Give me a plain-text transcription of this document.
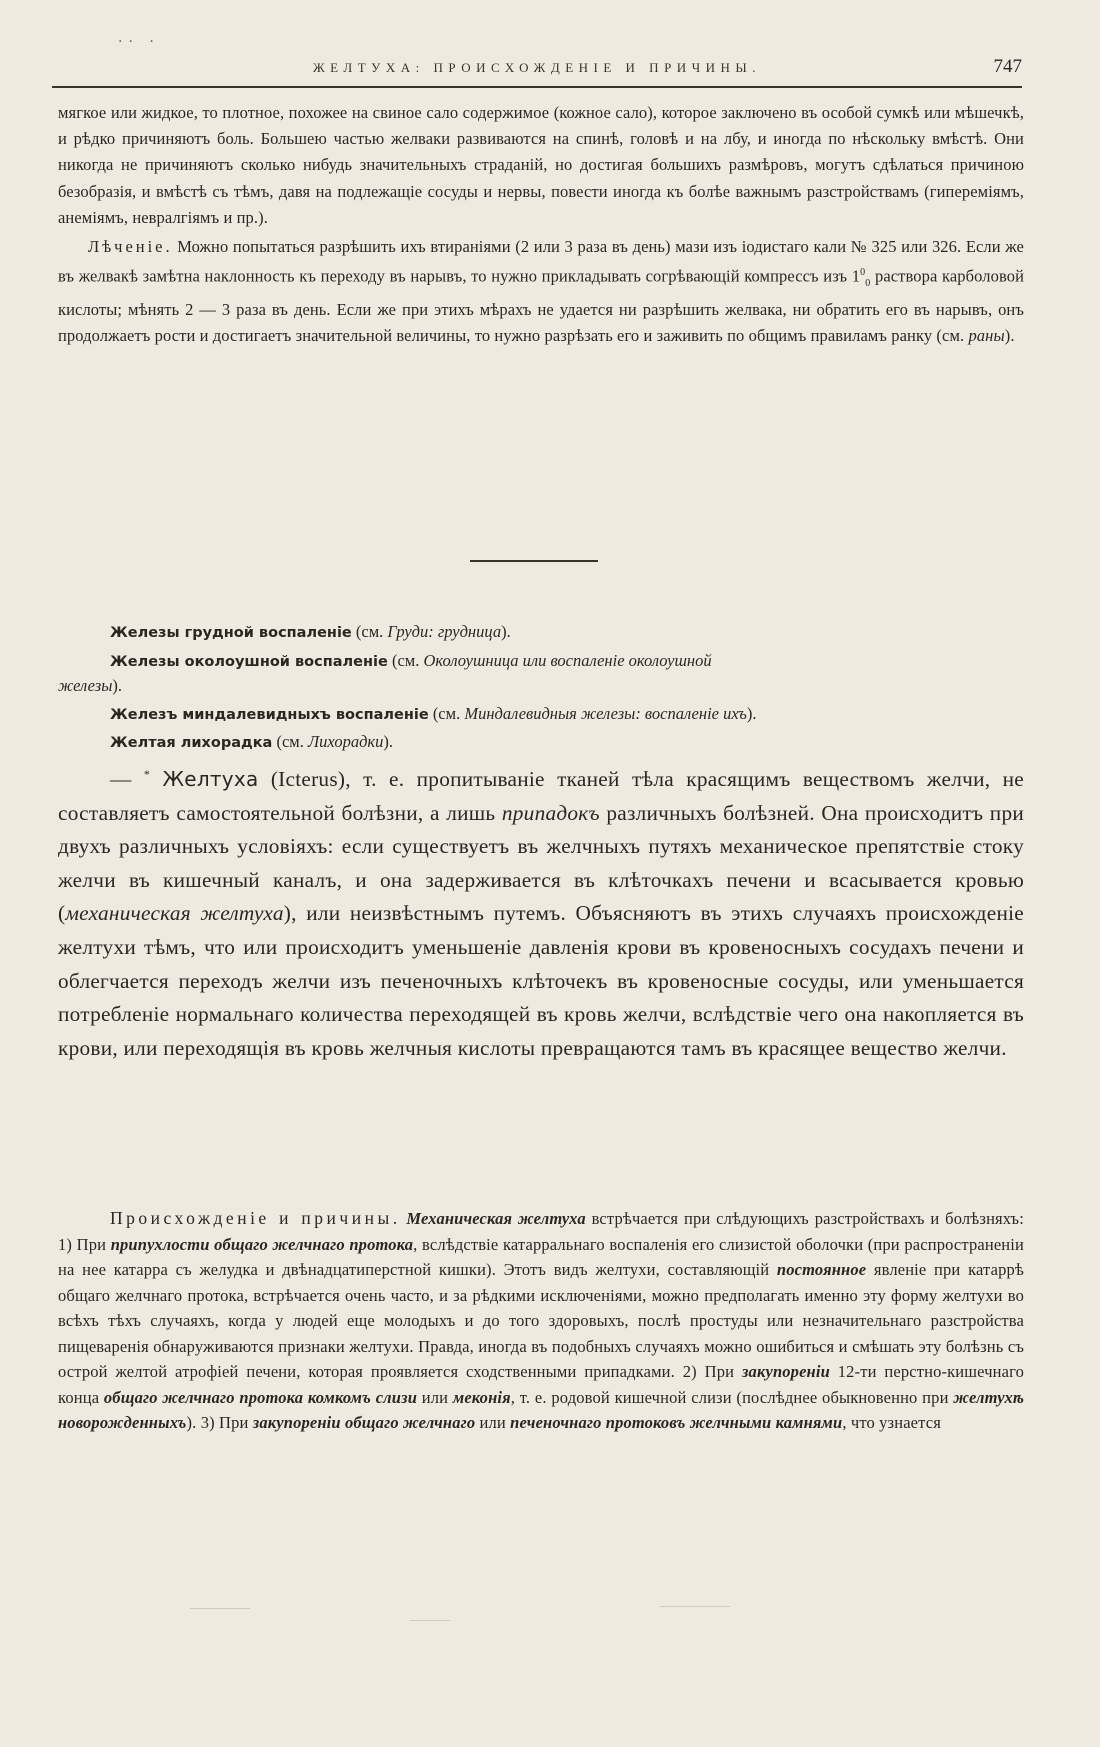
·· ·
ЖЕЛТУХА: ПРОИСХОЖДЕНІЕ И ПРИЧИНЫ.	747

мягкое или жидкое, то плотное, похожее на свиное сало содержимое (кожное сало), которое заключено въ особой сумкѣ или мѣшечкѣ, и рѣдко причиняютъ боль. Большею частью желваки развиваются на спинѣ, головѣ и на лбу, и иногда по нѣскольку вмѣстѣ. Они никогда не причиняютъ сколько нибудь значительныхъ страданій, но достигая большихъ размѣровъ, могутъ сдѣлаться причиною безобразія, и вмѣстѣ съ тѣмъ, давя на подлежащіе сосуды и нервы, повести иногда къ болѣе важнымъ разстройствамъ (гипереміямъ, анеміямъ, невралгіямъ и пр.).

Лѣченіе. Можно попытаться разрѣшить ихъ втираніями (2 или 3 раза въ день) мази изъ іодистаго кали № 325 или 326. Если же въ желвакѣ замѣтна наклонность къ переходу въ нарывъ, то нужно прикладывать согрѣвающій компрессъ изъ $1^0_0$ раствора карболовой кислоты; мѣнять 2 — 3 раза въ день. Если же при этихъ мѣрахъ не удается ни разрѣшить желвака, ни обратить его въ нарывъ, онъ продолжаетъ рости и достигаетъ значительной величины, то нужно разрѣзать его и заживить по общимъ правиламъ ранку (см. раны).

Железы грудной воспаленіе (см. Груди: грудница).
Железы околоушной воспаленіе (см. Околоушница или воспаленіе околоушной
железы).
Железъ миндалевидныхъ воспаленіе (см. Миндалевидныя железы: воспаленіе ихъ).
Желтая лихорадка (см. Лихорадки).

— * Желтуха (Icterus), т. е. пропитываніе тканей тѣла красящимъ веществомъ желчи, не составляетъ самостоятельной болѣзни, а лишь припадокъ различныхъ болѣзней. Она происходитъ при двухъ различныхъ условіяхъ: если существуетъ въ желчныхъ путяхъ механическое препятствіе стоку желчи въ кишечный каналъ, и она задерживается въ клѣточкахъ печени и всасывается кровью (механическая желтуха), или неизвѣстнымъ путемъ. Объясняютъ въ этихъ случаяхъ происхожденіе желтухи тѣмъ, что или происходитъ уменьшеніе давленія крови въ кровеносныхъ сосудахъ печени и облегчается переходъ желчи изъ печеночныхъ клѣточекъ въ кровеносные сосуды, или уменьшается потребленіе нормальнаго количества переходящей въ кровь желчи, вслѣдствіе чего она накопляется въ крови, или переходящія въ кровь желчныя кислоты превращаются тамъ въ красящее вещество желчи.

Происхожденіе и причины. Механическая желтуха встрѣчается при слѣдующихъ разстройствахъ и болѣзняхъ: 1) При припухлости общаго желчнаго протока, вслѣдствіе катарральнаго воспаленія его слизистой оболочки (при распространеніи на нее катарра съ желудка и двѣнадцатиперстной кишки). Этотъ видъ желтухи, составляющій постоянное явленіе при катаррѣ общаго желчнаго протока, встрѣчается очень часто, и за рѣдкими исключеніями, можно предполагать именно эту форму желтухи во всѣхъ тѣхъ случаяхъ, когда у людей еще молодыхъ и до того здоровыхъ, послѣ простуды или незначительнаго разстройства пищеваренія обнаруживаются признаки желтухи. Правда, иногда въ подобныхъ случаяхъ можно ошибиться и смѣшать эту болѣзнь съ острой желтой атрофіей печени, которая проявляется сходственными припадками. 2) При закупореніи 12-ти перстно-кишечнаго конца общаго желчнаго протока комкомъ слизи или меконія, т. е. родовой кишечной слизи (послѣднее обыкновенно при желтухѣ новорожденныхъ). 3) При закупореніи общаго желчнаго или печеночнаго протоковъ желчными камнями, что узнается
